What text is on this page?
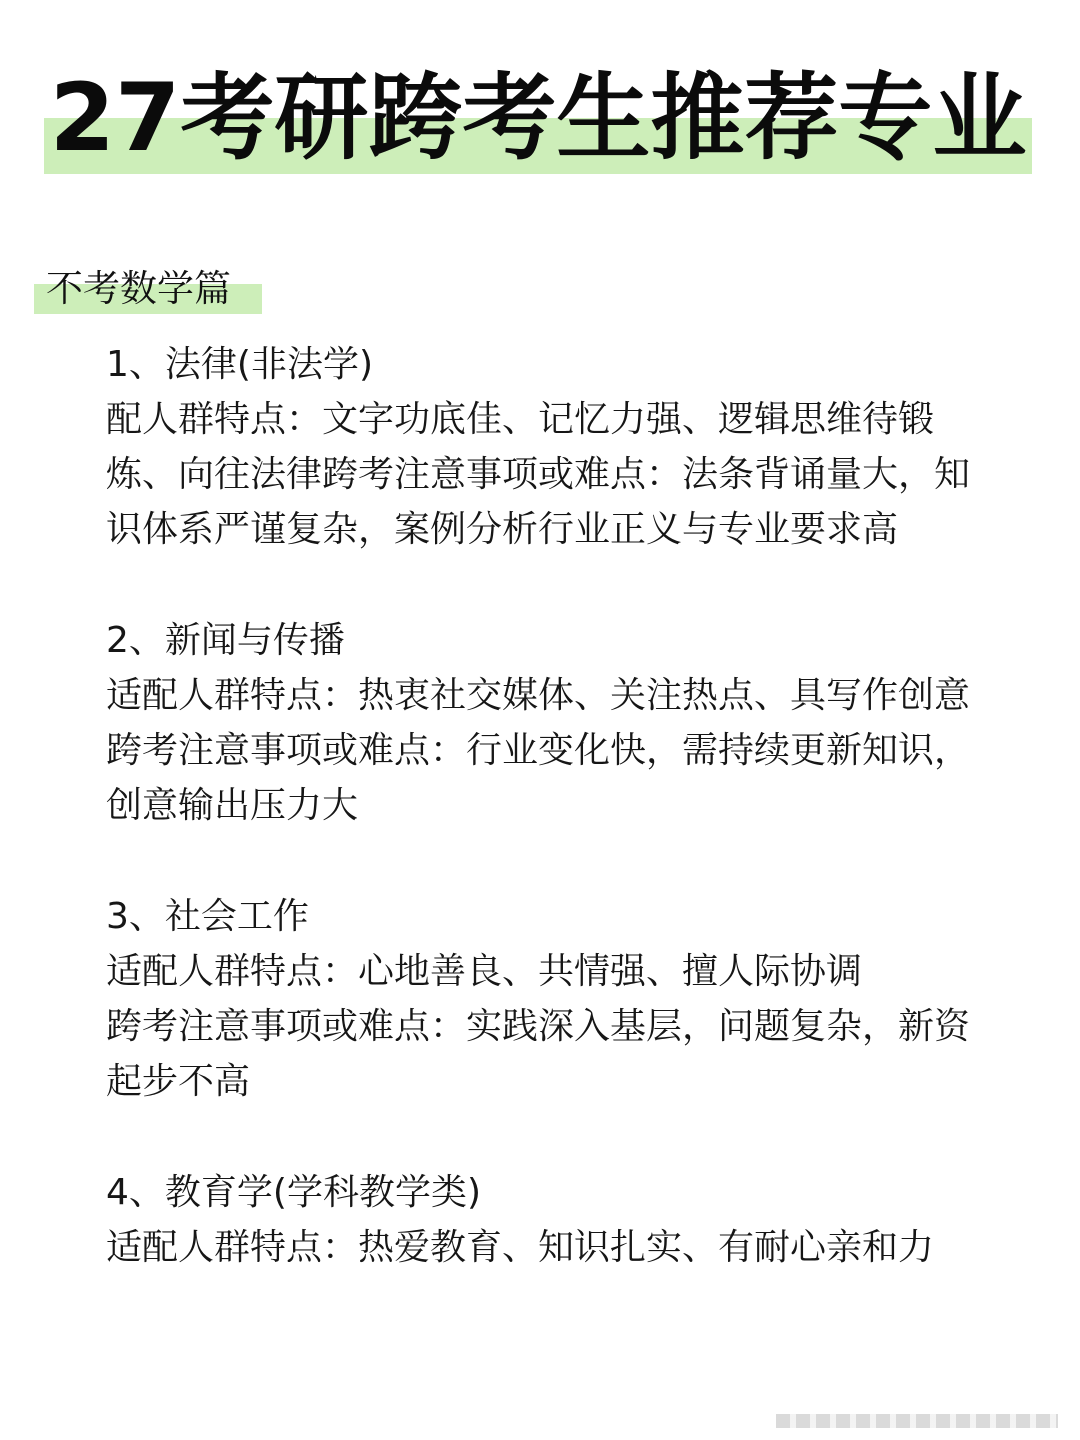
27考研跨考生推荐专业
不考数学篇
1、法律(非法学)
配人群特点：文字功底佳、记忆力强、逻辑思维待锻炼、向往法律跨考注意事项或难点：法条背诵量大，知识体系严谨复杂，案例分析行业正义与专业要求高
2、新闻与传播
适配人群特点：热衷社交媒体、关注热点、具写作创意
跨考注意事项或难点：行业变化快，需持续更新知识，创意输出压力大
3、社会工作
适配人群特点：心地善良、共情强、擅人际协调
跨考注意事项或难点：实践深入基层，问题复杂，新资起步不高
4、教育学(学科教学类)
适配人群特点：热爱教育、知识扎实、有耐心亲和力
